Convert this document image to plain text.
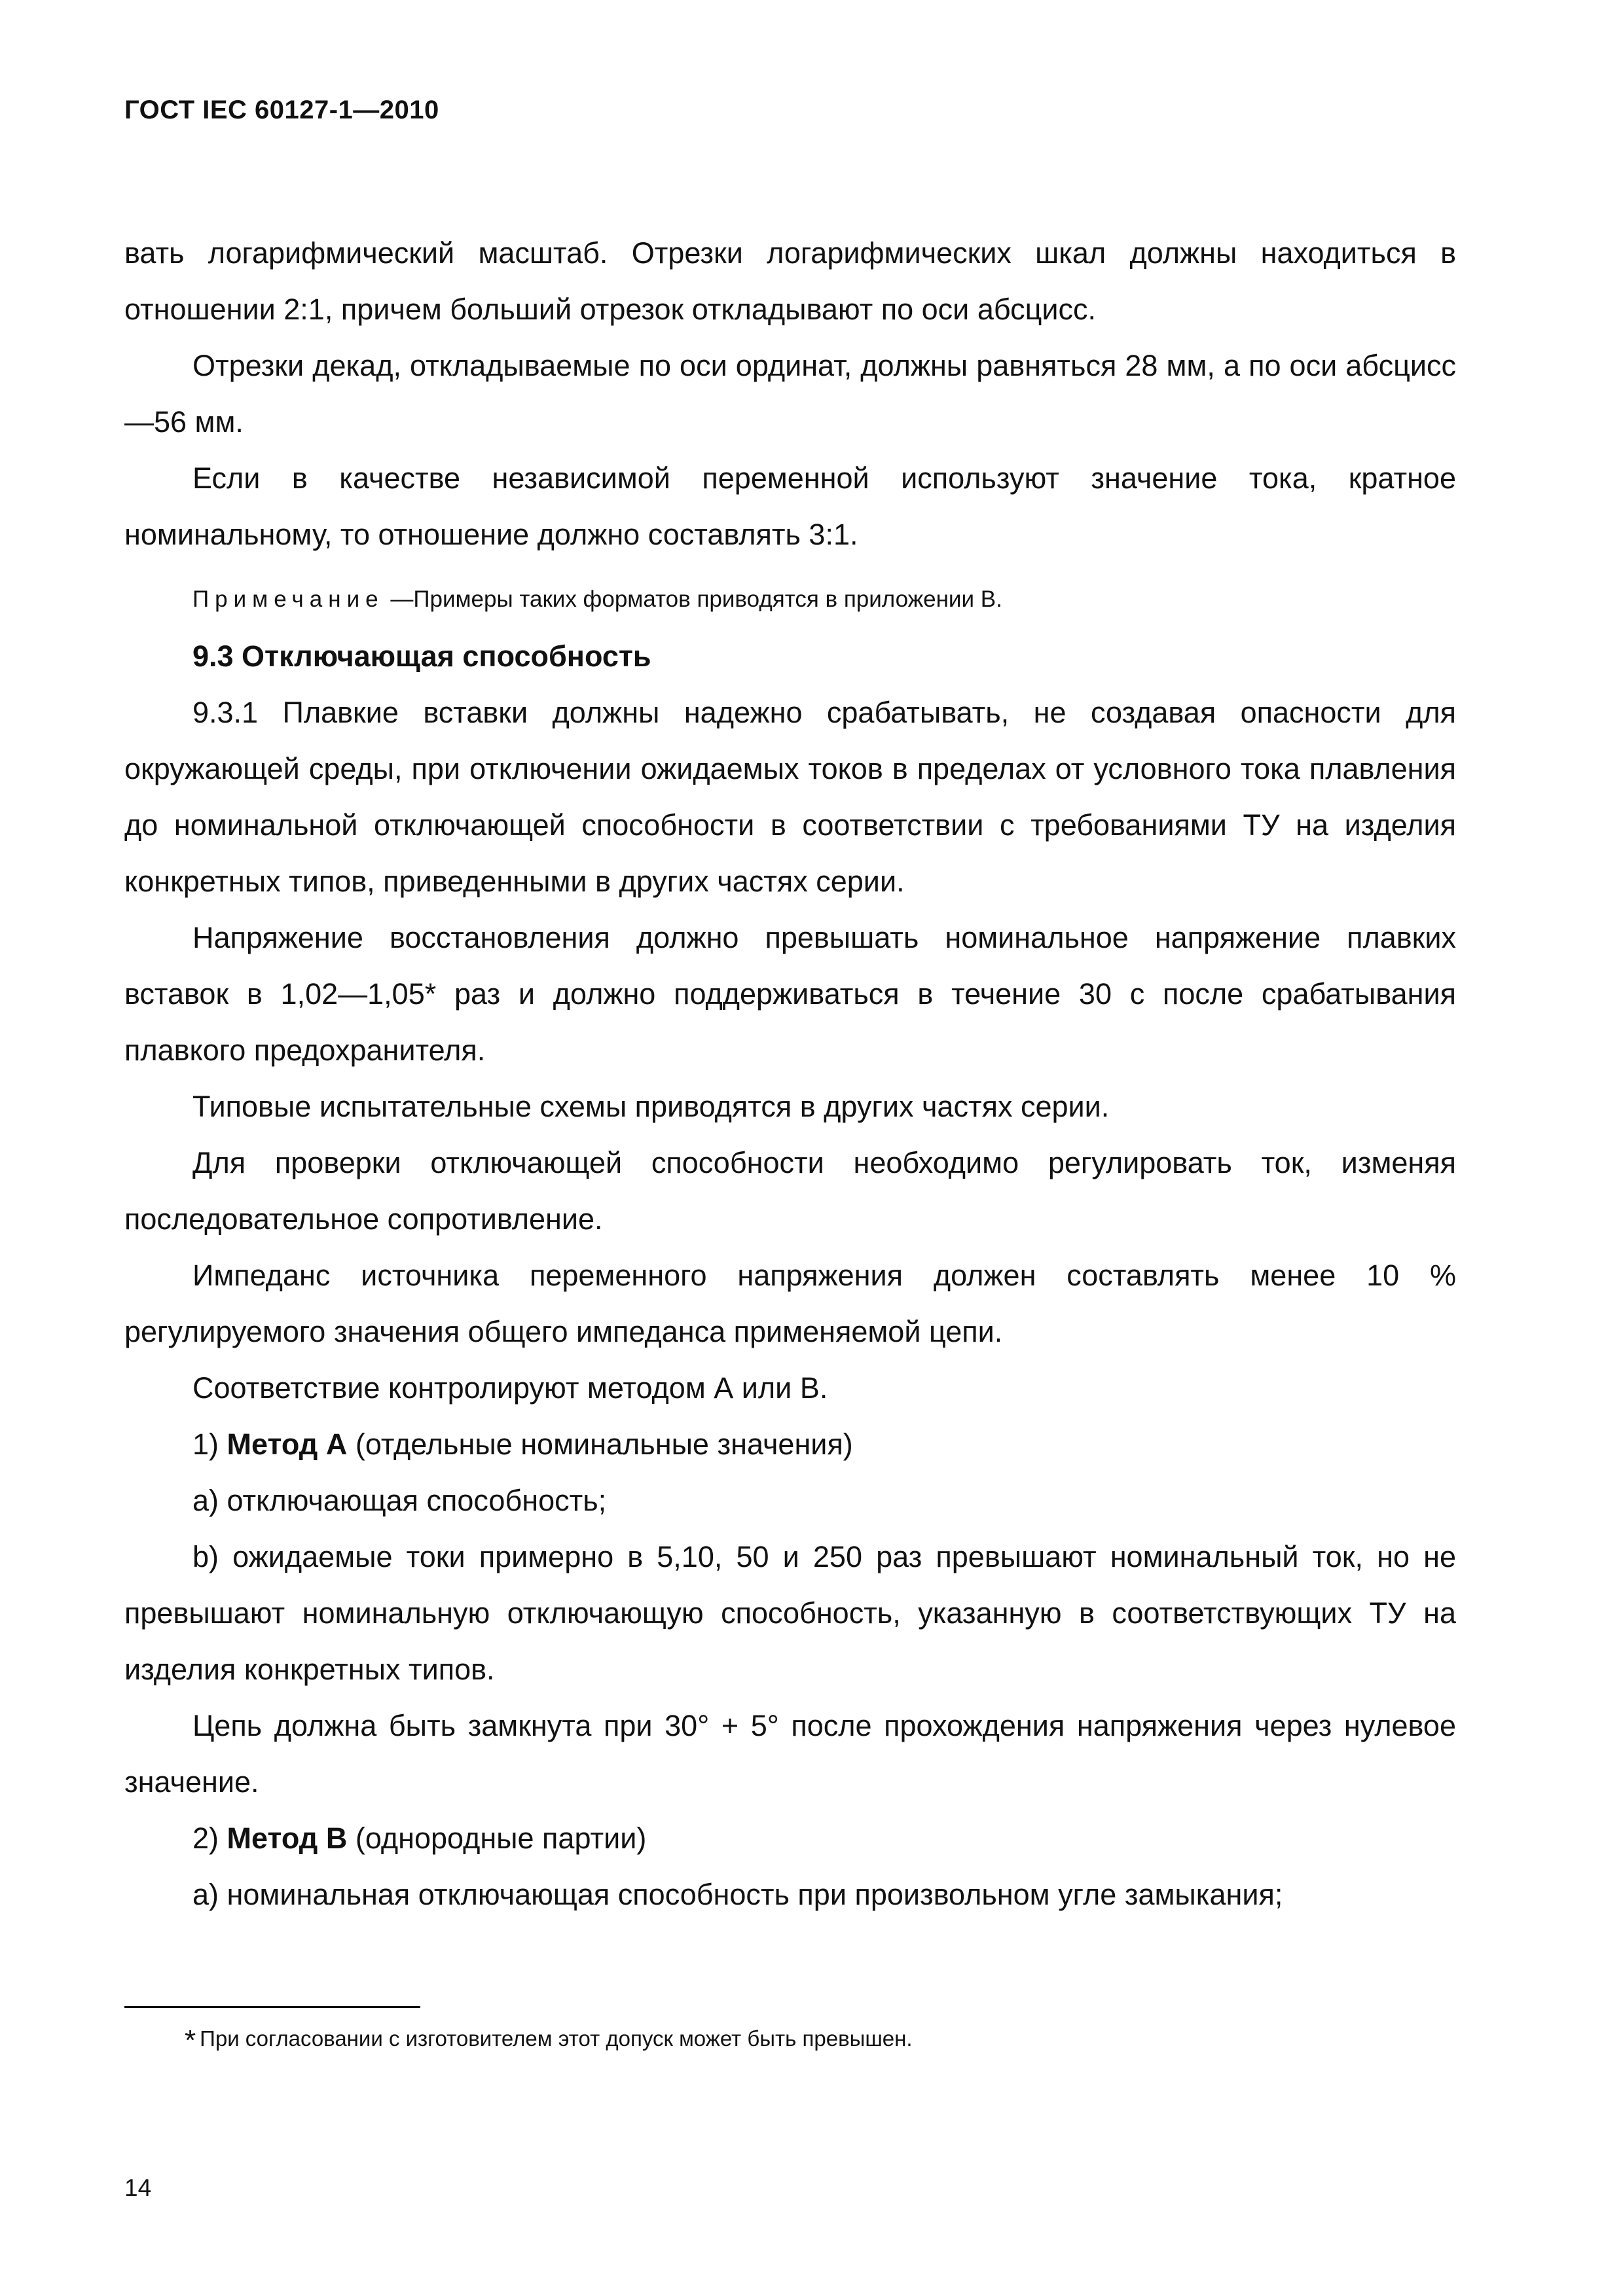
ГОСТ IEC 60127-1—2010

вать логарифмический масштаб. Отрезки логарифмических шкал должны находиться в отношении 2:1, причем больший отрезок откладывают по оси абсцисс.

Отрезки декад, откладываемые по оси ординат, должны равняться 28 мм, а по оси абсцисс—56 мм.

Если в качестве независимой переменной используют значение тока, кратное номинальному, то отношение должно составлять 3:1.

Примечание —Примеры таких форматов приводятся в приложении В.

9.3 Отключающая способность

9.3.1 Плавкие вставки должны надежно срабатывать, не создавая опасности для окружающей среды, при отключении ожидаемых токов в пределах от условного тока плавления до номинальной отключающей способности в соответствии с требованиями ТУ на изделия конкретных типов, приведенными в других частях серии.

Напряжение восстановления должно превышать номинальное напряжение плавких вставок в 1,02—1,05* раз и должно поддерживаться в течение 30 с после срабатывания плавкого предохранителя.

Типовые испытательные схемы приводятся в других частях серии.

Для проверки отключающей способности необходимо регулировать ток, изменяя последовательное сопротивление.

Импеданс источника переменного напряжения должен составлять менее 10 % регулируемого значения общего импеданса применяемой цепи.

Соответствие контролируют методом А или В.

1) Метод А (отдельные номинальные значения)

а) отключающая способность;

b) ожидаемые токи примерно в 5,10, 50 и 250 раз превышают номинальный ток, но не превышают номинальную отключающую способность, указанную в соответствующих ТУ на изделия конкретных типов.

Цепь должна быть замкнута при 30° + 5° после прохождения напряжения через нулевое значение.

2) Метод В (однородные партии)

а) номинальная отключающая способность при произвольном угле замыкания;

* При согласовании с изготовителем этот допуск может быть превышен.
14
